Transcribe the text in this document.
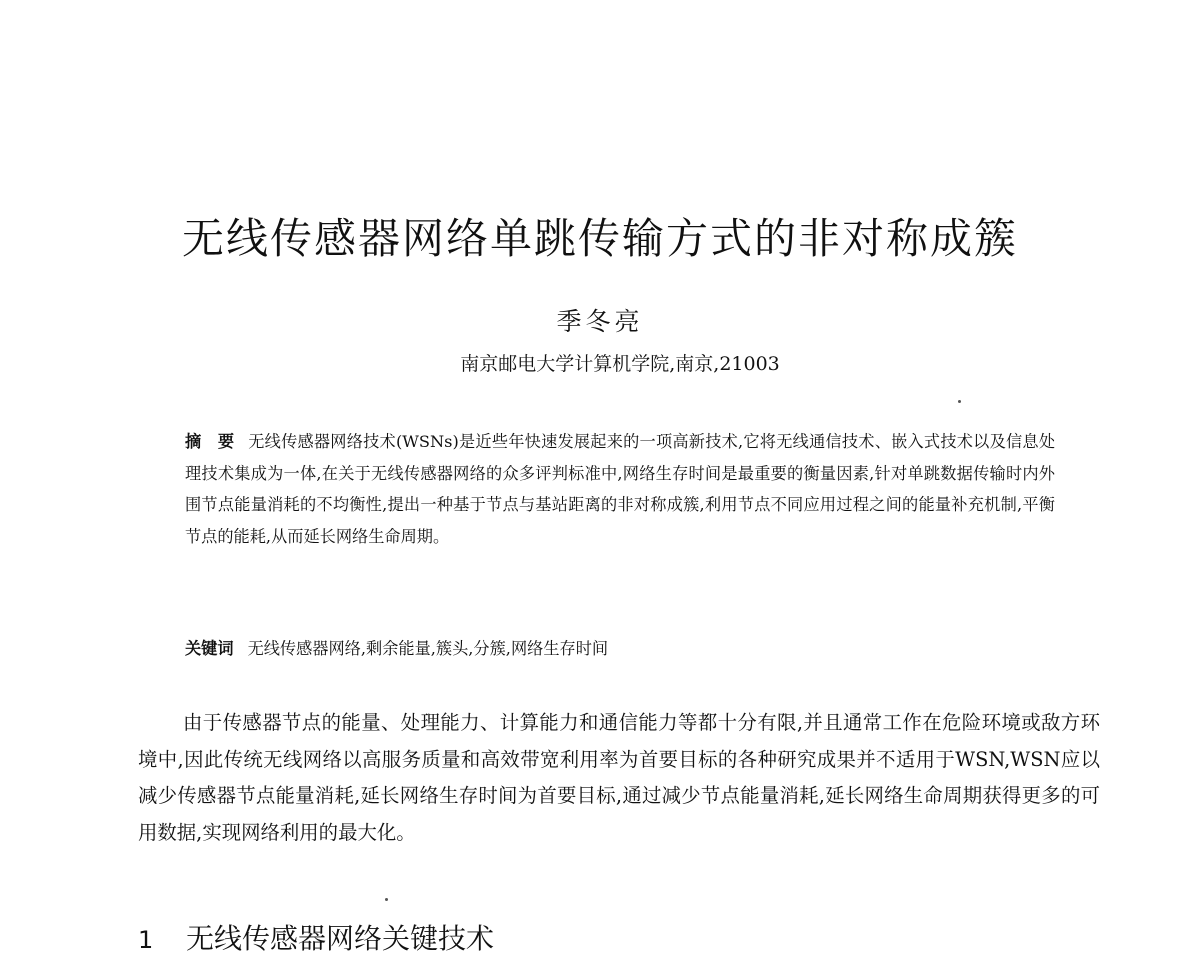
无线传感器网络单跳传输方式的非对称成簇
季冬亮
南京邮电大学计算机学院,南京,21003
摘　要 无线传感器网络技术(WSNs)是近些年快速发展起来的一项高新技术,它将无线通信技术、嵌入式技术以及信息处理技术集成为一体,在关于无线传感器网络的众多评判标准中,网络生存时间是最重要的衡量因素,针对单跳数据传输时内外围节点能量消耗的不均衡性,提出一种基于节点与基站距离的非对称成簇,利用节点不同应用过程之间的能量补充机制,平衡节点的能耗,从而延长网络生命周期。
关键词 无线传感器网络,剩余能量,簇头,分簇,网络生存时间

由于传感器节点的能量、处理能力、计算能力和通信能力等都十分有限,并且通常工作在危险环境或敌方环境中,因此传统无线网络以高服务质量和高效带宽利用率为首要目标的各种研究成果并不适用于WSN,WSN应以减少传感器节点能量消耗,延长网络生存时间为首要目标,通过减少节点能量消耗,延长网络生命周期获得更多的可用数据,实现网络利用的最大化。

1 无线传感器网络关键技术
